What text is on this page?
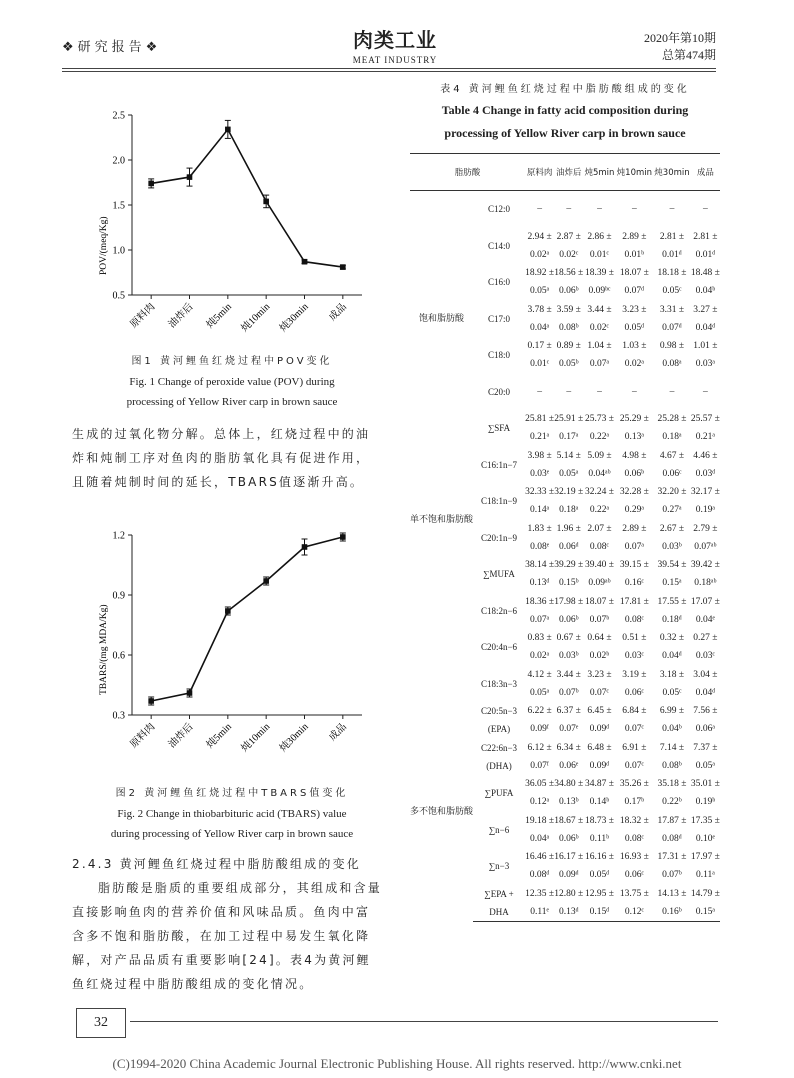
❖研究报告❖	肉类工业
MEAT INDUSTRY
2020年第10期
总第474期
POV/(meq/Kg)
0.5
1.0
1.5
2.0
2.5
原料肉 油炸后 炖5min 炖10min 炖30min 成品
图1 黄河鲤鱼红烧过程中POV变化
Fig. 1 Change of peroxide value (POV) during
processing of Yellow River carp in brown sauce
生成的过氧化物分解。总体上，红烧过程中的油炸和炖制工序对鱼肉的脂肪氧化具有促进作用，且随着炖制时间的延长，TBARS值逐渐升高。
TBARS/(mg MDA/Kg)
0.3
0.6
0.9
1.2
原料肉 油炸后 炖5min 炖10min 炖30min 成品
图2 黄河鲤鱼红烧过程中TBARS值变化
Fig. 2 Change in thiobarbituric acid (TBARS) value
during processing of Yellow River carp in brown sauce
2.4.3 黄河鲤鱼红烧过程中脂肪酸组成的变化
脂肪酸是脂质的重要组成部分，其组成和含量直接影响鱼肉的营养价值和风味品质。鱼肉中富含多不饱和脂肪酸，在加工过程中易发生氧化降解，对产品品质有重要影响[24]。表4为黄河鲤鱼红烧过程中脂肪酸组成的变化情况。
表4 黄河鲤鱼红烧过程中脂肪酸组成的变化
Table 4 Change in fatty acid composition during
processing of Yellow River carp in brown sauce
脂肪酸		原料肉	油炸后	炖5min	炖10min	炖30min	成品
饱和脂肪酸	C12:0	–	–	–	–	–	–
	C14:0	2.94 ±
0.02ᵃ	2.87 ±
0.02ᶜ	2.86 ±
0.01ᶜ	2.89 ±
0.01ᵇ	2.81 ±
0.01ᵈ	2.81 ±
0.01ᵈ
	C16:0	18.92 ±
0.05ᵃ	18.56 ±
0.06ᵇ	18.39 ±
0.09ᵇᶜ	18.07 ±
0.07ᵈ	18.18 ±
0.05ᶜ	18.48 ±
0.04ᵇ
	C17:0	3.78 ±
0.04ᵃ	3.59 ±
0.08ᵇ	3.44 ±
0.02ᶜ	3.23 ±
0.05ᵈ	3.31 ±
0.07ᵈ	3.27 ±
0.04ᵈ
	C18:0	0.17 ±
0.01ᶜ	0.89 ±
0.05ᵇ	1.04 ±
0.07ᵃ	1.03 ±
0.02ᵃ	0.98 ±
0.08ᵃ	1.01 ±
0.03ᵃ
	C20:0	–	–	–	–	–	–
	∑SFA	25.81 ±
0.21ᵃ	25.91 ±
0.17ᵃ	25.73 ±
0.22ᵃ	25.29 ±
0.13ᵃ	25.28 ±
0.18ᵃ	25.57 ±
0.21ᵃ
单不饱和脂肪酸	C16:1n−7	3.98 ±
0.03ᵉ	5.14 ±
0.05ᵃ	5.09 ±
0.04ᵃᵇ	4.98 ±
0.06ᵇ	4.67 ±
0.06ᶜ	4.46 ±
0.03ᵈ
	C18:1n−9	32.33 ±
0.14ᵃ	32.19 ±
0.18ᵃ	32.24 ±
0.22ᵃ	32.28 ±
0.29ᵃ	32.20 ±
0.27ᵃ	32.17 ±
0.19ᵃ
	C20:1n−9	1.83 ±
0.08ᵉ	1.96 ±
0.06ᵈ	2.07 ±
0.08ᶜ	2.89 ±
0.07ᵃ	2.67 ±
0.03ᵇ	2.79 ±
0.07ᵃᵇ
	∑MUFA	38.14 ±
0.13ᵈ	39.29 ±
0.15ᵇ	39.40 ±
0.09ᵃᵇ	39.15 ±
0.16ᶜ	39.54 ±
0.15ᵃ	39.42 ±
0.18ᵃᵇ
	C18:2n−6	18.36 ±
0.07ᵃ	17.98 ±
0.06ᵇ	18.07 ±
0.07ᵇ	17.81 ±
0.08ᶜ	17.55 ±
0.18ᵈ	17.07 ±
0.04ᵉ
	C20:4n−6	0.83 ±
0.02ᵃ	0.67 ±
0.03ᵇ	0.64 ±
0.02ᵇ	0.51 ±
0.03ᶜ	0.32 ±
0.04ᵈ	0.27 ±
0.03ᶜ
	C18:3n−3	4.12 ±
0.05ᵃ	3.44 ±
0.07ᵇ	3.23 ±
0.07ᶜ	3.19 ±
0.06ᶜ	3.18 ±
0.05ᶜ	3.04 ±
0.04ᵈ
多不饱和脂肪酸	C20:5n−3
(EPA)	6.22 ±
0.09ᶠ	6.37 ±
0.07ᵉ	6.45 ±
0.09ᵈ	6.84 ±
0.07ᶜ	6.99 ±
0.04ᵇ	7.56 ±
0.06ᵃ
	C22:6n−3
(DHA)	6.12 ±
0.07ᶠ	6.34 ±
0.06ᵉ	6.48 ±
0.09ᵈ	6.91 ±
0.07ᶜ	7.14 ±
0.08ᵇ	7.37 ±
0.05ᵃ
	∑PUFA	36.05 ±
0.12ᵃ	34.80 ±
0.13ᵇ	34.87 ±
0.14ᵇ	35.26 ±
0.17ᵇ	35.18 ±
0.22ᵇ	35.01 ±
0.19ᵇ
	∑n−6	19.18 ±
0.04ᵃ	18.67 ±
0.06ᵇ	18.73 ±
0.11ᵇ	18.32 ±
0.08ᶜ	17.87 ±
0.08ᵈ	17.35 ±
0.10ᵉ
	∑n−3	16.46 ±
0.08ᵈ	16.17 ±
0.09ᵈ	16.16 ±
0.05ᵈ	16.93 ±
0.06ᶜ	17.31 ±
0.07ᵇ	17.97 ±
0.11ᵃ
	∑EPA +
DHA	12.35 ±
0.11ᵉ	12.80 ±
0.13ᵈ	12.95 ±
0.15ᵈ	13.75 ±
0.12ᶜ	14.13 ±
0.16ᵇ	14.79 ±
0.15ᵃ
32
(C)1994-2020 China Academic Journal Electronic Publishing House. All rights reserved. http://www.cnki.net
